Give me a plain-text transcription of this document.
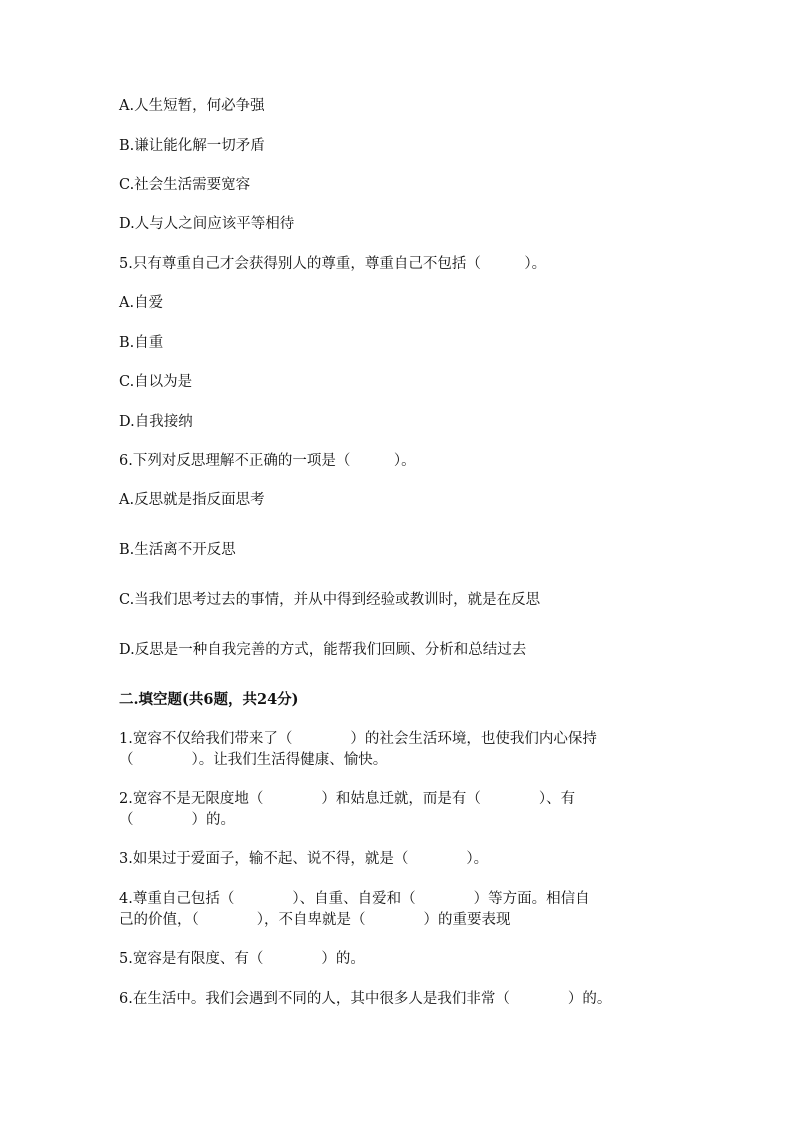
A.人生短暂，何必争强
B.谦让能化解一切矛盾
C.社会生活需要宽容
D.人与人之间应该平等相待
5.只有尊重自己才会获得别人的尊重，尊重自己不包括（　　　）。
A.自爱
B.自重
C.自以为是
D.自我接纳
6.下列对反思理解不正确的一项是（　　　）。
A.反思就是指反面思考
B.生活离不开反思
C.当我们思考过去的事情，并从中得到经验或教训时，就是在反思
D.反思是一种自我完善的方式，能帮我们回顾、分析和总结过去
二.填空题(共6题，共24分)
1.宽容不仅给我们带来了（　　　　）的社会生活环境，也使我们内心保持
（　　　　）。让我们生活得健康、愉快。
2.宽容不是无限度地（　　　　）和姑息迁就，而是有（　　　　）、有
（　　　　）的。
3.如果过于爱面子，输不起、说不得，就是（　　　　）。
4.尊重自己包括（　　　　）、自重、自爱和（　　　　）等方面。相信自
己的价值，（　　　　），不自卑就是（　　　　）的重要表现
5.宽容是有限度、有（　　　　）的。
6.在生活中。我们会遇到不同的人，其中很多人是我们非常（　　　　）的。
